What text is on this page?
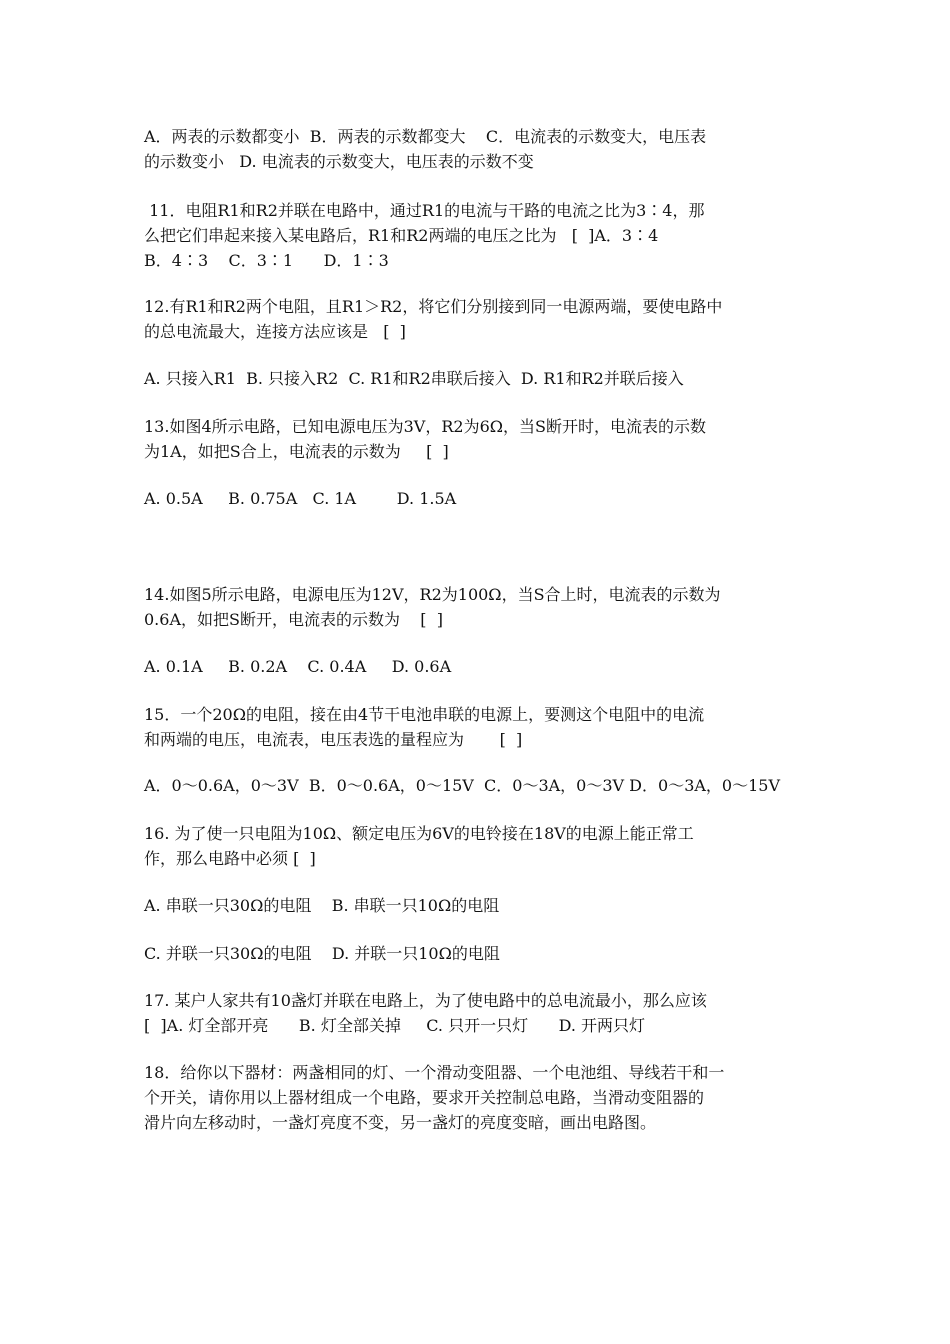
A．两表的示数都变小  B．两表的示数都变大    C．电流表的示数变大，电压表
的示数变小   D. 电流表的示数变大，电压表的示数不变
11．电阻R1和R2并联在电路中，通过R1的电流与干路的电流之比为3∶4，那
么把它们串起来接入某电路后，R1和R2两端的电压之比为   [  ]A．3∶4
B．4∶3    C．3∶1      D．1∶3
12.有R1和R2两个电阻，且R1＞R2，将它们分别接到同一电源两端，要使电路中
的总电流最大，连接方法应该是   [  ]
A. 只接入R1  B. 只接入R2  C. R1和R2串联后接入  D. R1和R2并联后接入
13.如图4所示电路，已知电源电压为3V，R2为6Ω，当S断开时，电流表的示数
为1A，如把S合上，电流表的示数为     [  ]
A. 0.5A     B. 0.75A   C. 1A        D. 1.5A
14.如图5所示电路，电源电压为12V，R2为100Ω，当S合上时，电流表的示数为
0.6A，如把S断开，电流表的示数为    [  ]
A. 0.1A     B. 0.2A    C. 0.4A     D. 0.6A
15．一个20Ω的电阻，接在由4节干电池串联的电源上，要测这个电阻中的电流
和两端的电压，电流表，电压表选的量程应为       [  ]
A．0～0.6A，0～3V  B．0～0.6A，0～15V  C．0～3A，0～3V D．0～3A，0～15V
16. 为了使一只电阻为10Ω、额定电压为6V的电铃接在18V的电源上能正常工
作，那么电路中必须 [  ]
A. 串联一只30Ω的电阻    B. 串联一只10Ω的电阻
C. 并联一只30Ω的电阻    D. 并联一只10Ω的电阻
17. 某户人家共有10盏灯并联在电路上，为了使电路中的总电流最小，那么应该
[  ]A. 灯全部开亮      B. 灯全部关掉     C. 只开一只灯      D. 开两只灯
18．给你以下器材：两盏相同的灯、一个滑动变阻器、一个电池组、导线若干和一
个开关，请你用以上器材组成一个电路，要求开关控制总电路，当滑动变阻器的
滑片向左移动时，一盏灯亮度不变，另一盏灯的亮度变暗，画出电路图。
